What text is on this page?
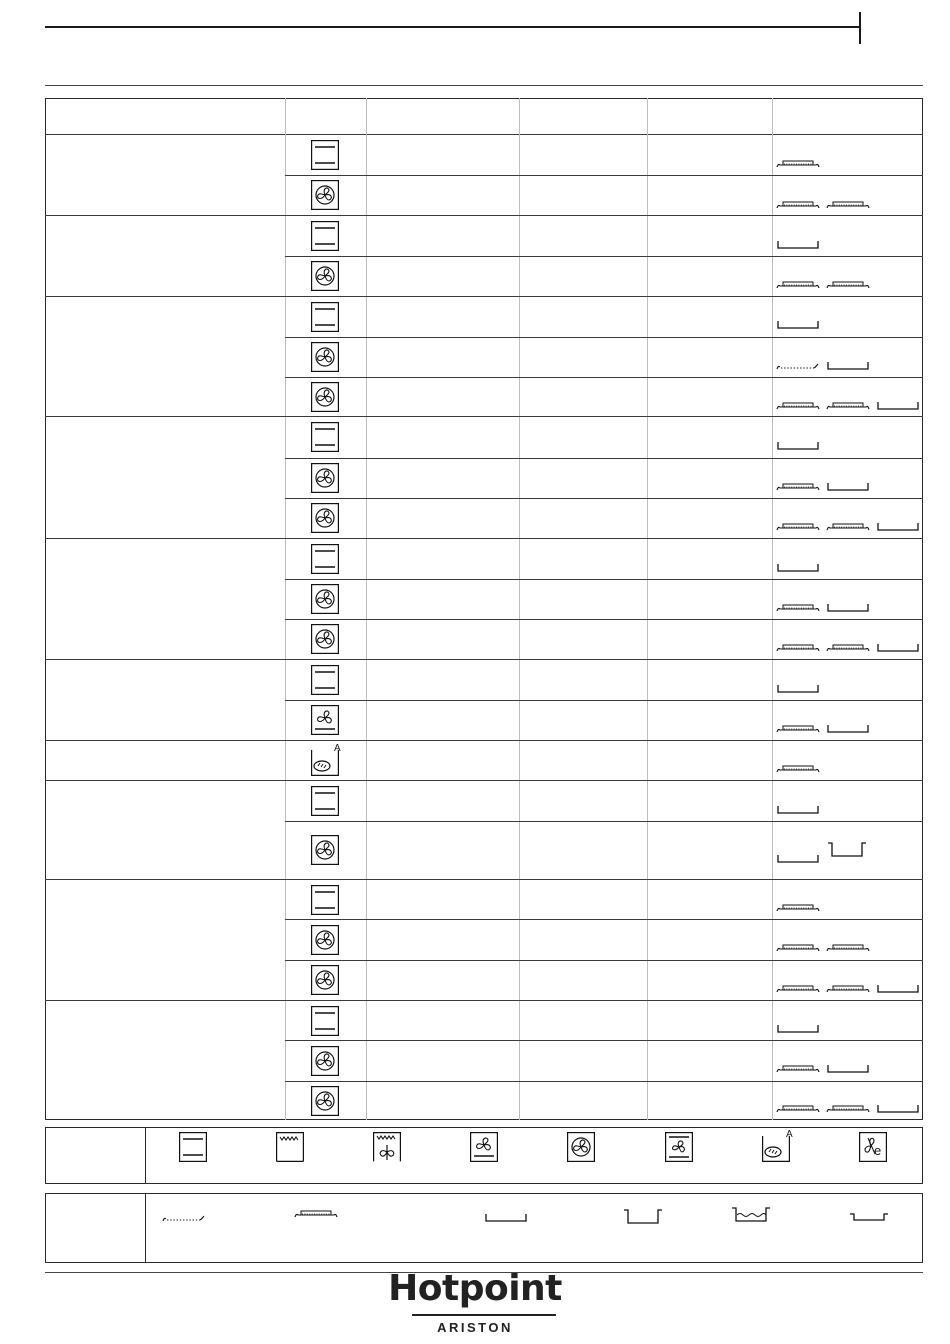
A
A
e
Hotpoint
ARISTON
